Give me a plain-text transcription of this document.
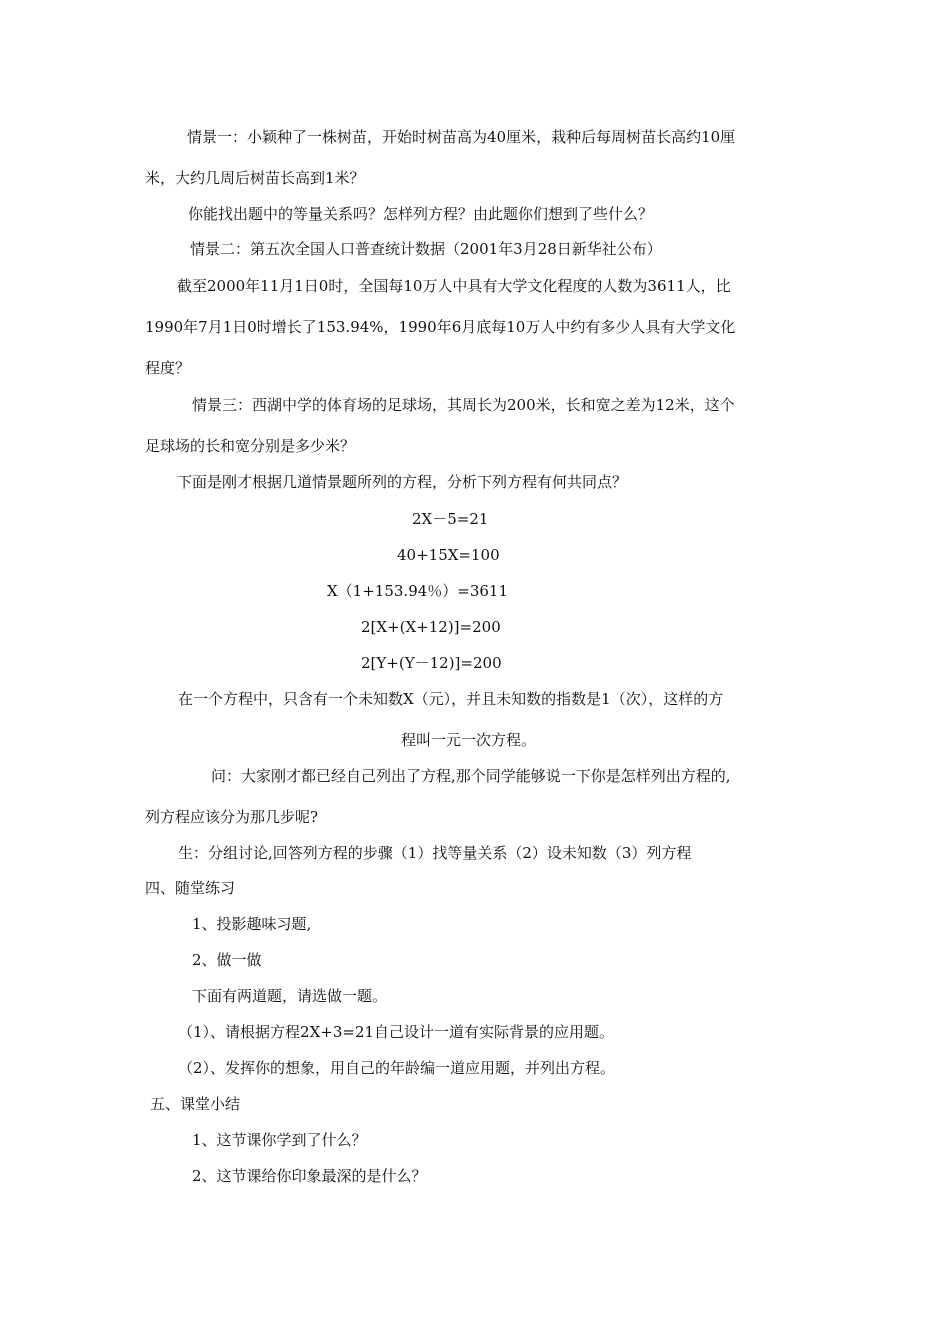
情景一：小颖种了一株树苗，开始时树苗高为40厘米，栽种后每周树苗长高约10厘
米，大约几周后树苗长高到1米？
你能找出题中的等量关系吗？怎样列方程？由此题你们想到了些什么？
情景二：第五次全国人口普查统计数据（2001年3月28日新华社公布）
截至2000年11月1日0时，全国每10万人中具有大学文化程度的人数为3611人，比
1990年7月1日0时增长了153.94%，1990年6月底每10万人中约有多少人具有大学文化
程度？
情景三：西湖中学的体育场的足球场，其周长为200米，长和宽之差为12米，这个
足球场的长和宽分别是多少米？
下面是刚才根据几道情景题所列的方程，分析下列方程有何共同点？
2X－5=21
40+15X=100
X（1+153.94％）=3611
2[X+(X+12)]=200
2[Y+(Y－12)]=200
在一个方程中，只含有一个未知数X（元），并且未知数的指数是1（次），这样的方
程叫一元一次方程。
问：大家刚才都已经自己列出了方程,那个同学能够说一下你是怎样列出方程的,
列方程应该分为那几步呢?
生：分组讨论,回答列方程的步骤（1）找等量关系（2）设未知数（3）列方程
四、随堂练习
1、投影趣味习题,
2、做一做
下面有两道题，请选做一题。
（1）、请根据方程2X+3=21自己设计一道有实际背景的应用题。
（2）、发挥你的想象，用自己的年龄编一道应用题，并列出方程。
五、课堂小结
1、这节课你学到了什么？
2、这节课给你印象最深的是什么？
